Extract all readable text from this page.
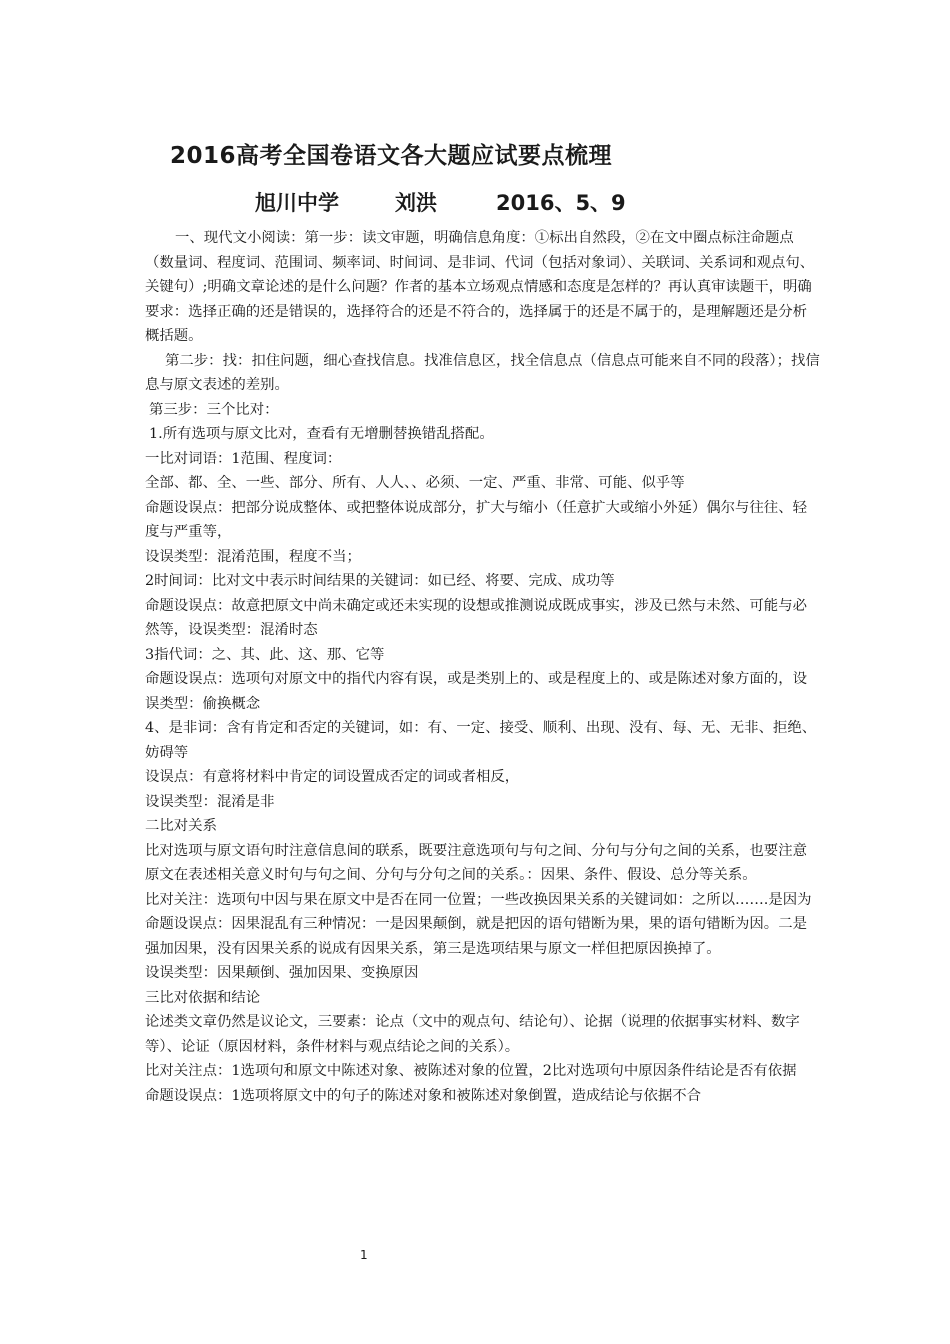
2016高考全国卷语文各大题应试要点梳理
旭川中学	刘洪	2016、5、9

一、现代文小阅读：第一步：读文审题，明确信息角度：①标出自然段，②在文中圈点标注命题点（数量词、程度词、范围词、频率词、时间词、是非词、代词（包括对象词）、关联词、关系词和观点句、关键句）;明确文章论述的是什么问题？作者的基本立场观点情感和态度是怎样的？再认真审读题干，明确要求：选择正确的还是错误的，选择符合的还是不符合的，选择属于的还是不属于的，是理解题还是分析概括题。

第二步：找：扣住问题，细心查找信息。找准信息区，找全信息点（信息点可能来自不同的段落）；找信息与原文表述的差别。

第三步：三个比对：

1.所有选项与原文比对，查看有无增删替换错乱搭配。

一比对词语：1范围、程度词：

全部、都、全、一些、部分、所有、人人、、必须、一定、严重、非常、可能、似乎等

命题设误点：把部分说成整体、或把整体说成部分，扩大与缩小（任意扩大或缩小外延）偶尔与往往、轻度与严重等，

设误类型：混淆范围，程度不当；

2时间词：比对文中表示时间结果的关键词：如已经、将要、完成、成功等

命题设误点：故意把原文中尚未确定或还未实现的设想或推测说成既成事实，涉及已然与未然、可能与必然等，设误类型：混淆时态

3指代词：之、其、此、这、那、它等

命题设误点：选项句对原文中的指代内容有误，或是类别上的、或是程度上的、或是陈述对象方面的，设误类型：偷换概念

4、是非词：含有肯定和否定的关键词，如：有、一定、接受、顺利、出现、没有、每、无、无非、拒绝、妨碍等

设误点：有意将材料中肯定的词设置成否定的词或者相反，

设误类型：混淆是非

二比对关系

比对选项与原文语句时注意信息间的联系，既要注意选项句与句之间、分句与分句之间的关系，也要注意原文在表述相关意义时句与句之间、分句与分句之间的关系。：因果、条件、假设、总分等关系。

比对关注：选项句中因与果在原文中是否在同一位置；一些改换因果关系的关键词如：之所以…….是因为

命题设误点：因果混乱有三种情况：一是因果颠倒，就是把因的语句错断为果，果的语句错断为因。二是强加因果，没有因果关系的说成有因果关系，第三是选项结果与原文一样但把原因换掉了。

设误类型：因果颠倒、强加因果、变换原因

三比对依据和结论

论述类文章仍然是议论文，三要素：论点（文中的观点句、结论句）、论据（说理的依据事实材料、数字等）、论证（原因材料，条件材料与观点结论之间的关系）。

比对关注点：1选项句和原文中陈述对象、被陈述对象的位置，2比对选项句中原因条件结论是否有依据

命题设误点：1选项将原文中的句子的陈述对象和被陈述对象倒置，造成结论与依据不合

1
